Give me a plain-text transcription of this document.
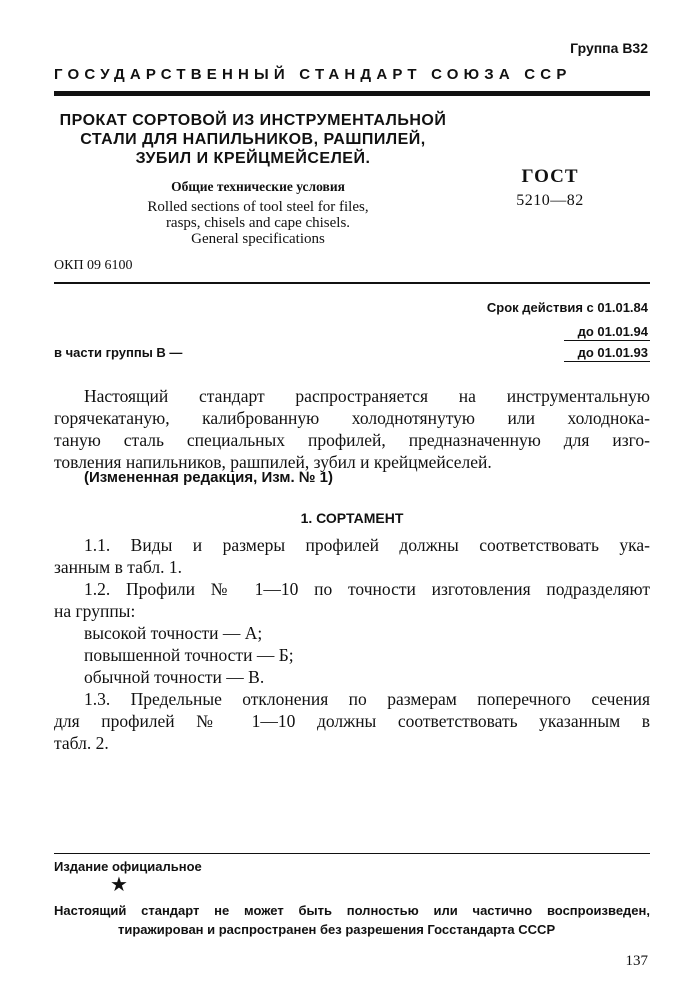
Группа В32
ГОСУДАРСТВЕННЫЙ СТАНДАРТ СОЮЗА ССР
ПРОКАТ СОРТОВОЙ ИЗ ИНСТРУМЕНТАЛЬНОЙ
СТАЛИ ДЛЯ НАПИЛЬНИКОВ, РАШПИЛЕЙ,
ЗУБИЛ И КРЕЙЦМЕЙСЕЛЕЙ.
Общие технические условия
Rolled sections of tool steel for files,
rasps, chisels and cape chisels.
General specifications
ГОСТ
5210—82
ОКП 09 6100
Срок действия с 01.01.84
до 01.01.94
в части группы В —	до 01.01.93
Настоящий стандарт распространяется на инструментальную
горячекатаную, калиброванную холоднотянутую или холоднока-
таную сталь специальных профилей, предназначенную для изго-
товления напильников, рашпилей, зубил и крейцмейселей.
(Измененная редакция, Изм. № 1)
1. СОРТАМЕНТ
1.1. Виды и размеры профилей должны соответствовать ука-
занным в табл. 1.
1.2. Профили № 1—10 по точности изготовления подразделяют
на группы:
высокой точности — А;
повышенной точности — Б;
обычной точности — В.
1.3. Предельные отклонения по размерам поперечного сечения
для профилей № 1—10 должны соответствовать указанным в
табл. 2.
Издание официальное
★
Настоящий стандарт не может быть полностью или частично воспроизведен,
тиражирован и распространен без разрешения Госстандарта СССР
137
